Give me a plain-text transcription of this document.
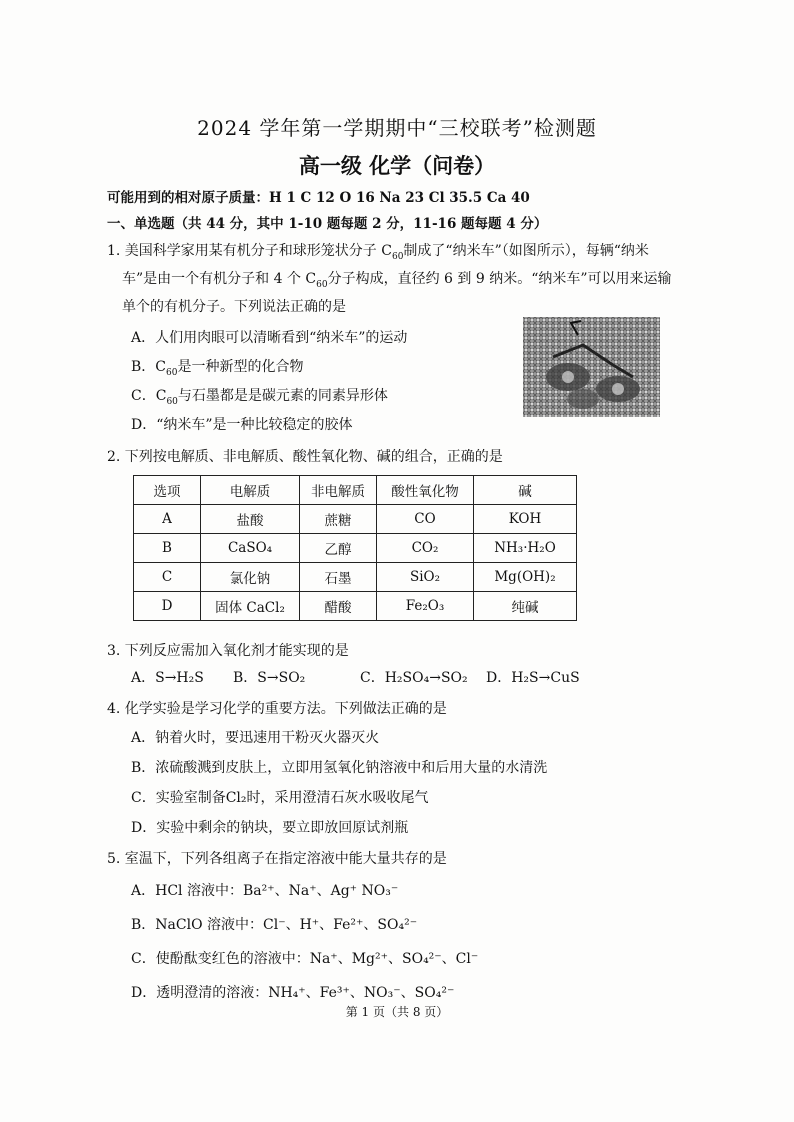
2024 学年第一学期期中“三校联考”检测题
高一级 化学（问卷）
可能用到的相对原子质量：H 1 C 12 O 16 Na 23 Cl 35.5 Ca 40
一、单选题（共 44 分，其中 1-10 题每题 2 分，11-16 题每题 4 分）
1. 美国科学家用某有机分子和球形笼状分子 $C_{60}$制成了“纳米车”（如图所示），每辆“纳米
车”是由一个有机分子和 4 个 $C_{60}$分子构成，直径约 6 到 9 纳米。“纳米车”可以用来运输
单个的有机分子。下列说法正确的是
A．人们用肉眼可以清晰看到“纳米车”的运动
B．$C_{60}$是一种新型的化合物
C．$C_{60}$与石墨都是是碳元素的同素异形体
D．“纳米车”是一种比较稳定的胶体
2. 下列按电解质、非电解质、酸性氧化物、碱的组合，正确的是
选项	电解质	非电解质	酸性氧化物	碱
A	盐酸	蔗糖	CO	KOH
B	CaSO₄	乙醇	CO₂	NH₃·H₂O
C	氯化钠	石墨	SiO₂	Mg(OH)₂
D	固体 CaCl₂	醋酸	Fe₂O₃	纯碱
3. 下列反应需加入氧化剂才能实现的是
A．S→H₂S B．S→SO₂	C．H₂SO₄→SO₂ D．H₂S→CuS
4. 化学实验是学习化学的重要方法。下列做法正确的是
A．钠着火时，要迅速用干粉灭火器灭火
B．浓硫酸溅到皮肤上，立即用氢氧化钠溶液中和后用大量的水清洗
C．实验室制备Cl₂时，采用澄清石灰水吸收尾气
D．实验中剩余的钠块，要立即放回原试剂瓶
5. 室温下，下列各组离子在指定溶液中能大量共存的是
A．HCl 溶液中：Ba²⁺、Na⁺、Ag⁺ NO₃⁻
B．NaClO 溶液中：Cl⁻、H⁺、Fe²⁺、SO₄²⁻
C．使酚酞变红色的溶液中：Na⁺、Mg²⁺、SO₄²⁻、Cl⁻
D．透明澄清的溶液：NH₄⁺、Fe³⁺、NO₃⁻、SO₄²⁻
第 1 页（共 8 页）
